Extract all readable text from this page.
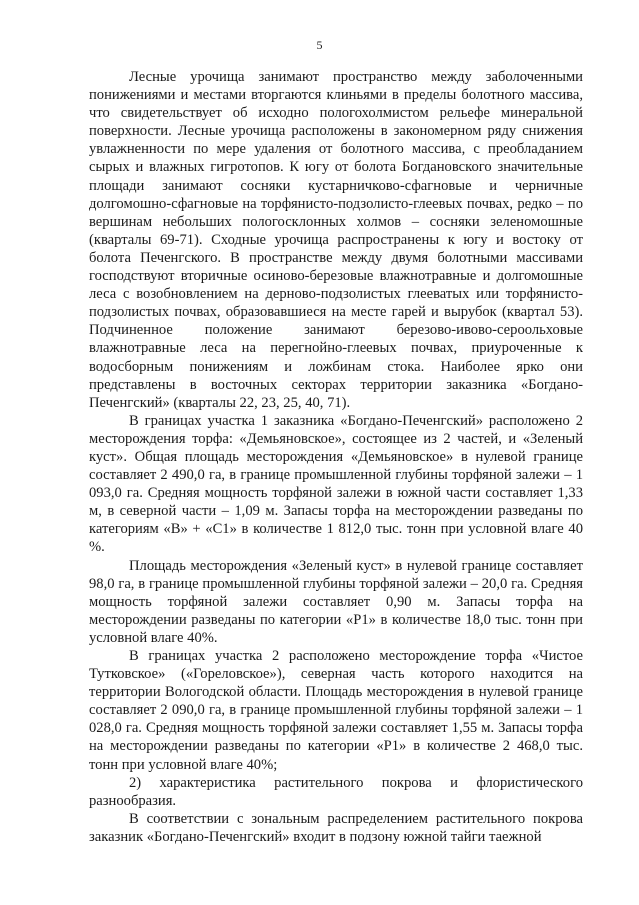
5

Лесные урочища занимают пространство между заболоченными понижениями и местами вторгаются клиньями в пределы болотного массива, что свидетельствует об исходно пологохолмистом рельефе минеральной поверхности. Лесные урочища расположены в закономерном ряду снижения увлажненности по мере удаления от болотного массива, с преобладанием сырых и влажных гигротопов. К югу от болота Богдановского значительные площади занимают сосняки кустарничково-сфагновые и черничные долгомошно-сфагновые на торфянисто-подзолисто-глеевых почвах, редко – по вершинам небольших пологосклонных холмов – сосняки зеленомошные (кварталы 69-71). Сходные урочища распространены к югу и востоку от болота Печенгского. В пространстве между двумя болотными массивами господствуют вторичные осиново-березовые влажнотравные и долгомошные леса с возобновлением на дерново-подзолистых глееватых или торфянисто-подзолистых почвах, образовавшиеся на месте гарей и вырубок (квартал 53). Подчиненное положение занимают березово-ивово-сероольховые влажнотравные леса на перегнойно-глеевых почвах, приуроченные к водосборным понижениям и ложбинам стока. Наиболее ярко они представлены в восточных секторах территории заказника «Богдано-Печенгский» (кварталы 22, 23, 25, 40, 71).

В границах участка 1 заказника «Богдано-Печенгский» расположено 2 месторождения торфа: «Демьяновское», состоящее из 2 частей, и «Зеленый куст». Общая площадь месторождения «Демьяновское» в нулевой границе составляет 2 490,0 га, в границе промышленной глубины торфяной залежи – 1 093,0 га. Средняя мощность торфяной залежи в южной части составляет 1,33 м, в северной части – 1,09 м. Запасы торфа на месторождении разведаны по категориям «В» + «С1» в количестве 1 812,0 тыс. тонн при условной влаге 40 %.

Площадь месторождения «Зеленый куст» в нулевой границе составляет 98,0 га, в границе промышленной глубины торфяной залежи – 20,0 га. Средняя мощность торфяной залежи составляет 0,90 м. Запасы торфа на месторождении разведаны по категории «Р1» в количестве 18,0 тыс. тонн при условной влаге 40%.

В границах участка 2 расположено месторождение торфа «Чистое Тутковское» («Гореловское»), северная часть которого находится на территории Вологодской области. Площадь месторождения в нулевой границе составляет 2 090,0 га, в границе промышленной глубины торфяной залежи – 1 028,0 га. Средняя мощность торфяной залежи составляет 1,55 м. Запасы торфа на месторождении разведаны по категории «Р1» в количестве 2 468,0 тыс. тонн при условной влаге 40%;

2) характеристика растительного покрова и флористического разнообразия.

В соответствии с зональным распределением растительного покрова заказник «Богдано-Печенгский» входит в подзону южной тайги таежной
